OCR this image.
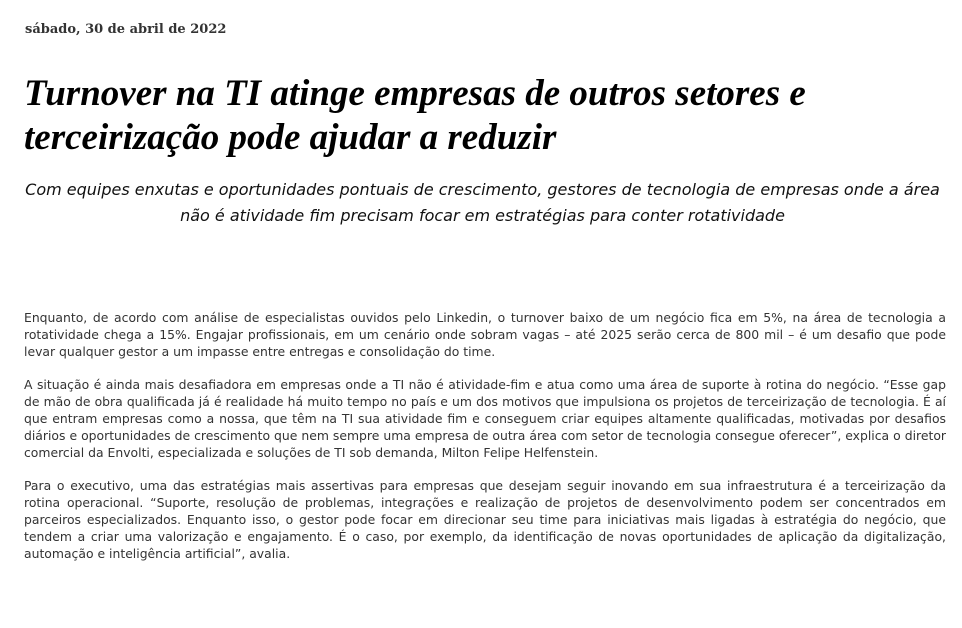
sábado, 30 de abril de 2022
Turnover na TI atinge empresas de outros setores e terceirização pode ajudar a reduzir

Com equipes enxutas e oportunidades pontuais de crescimento, gestores de tecnologia de empresas onde a área não é atividade fim precisam focar em estratégias para conter rotatividade

Enquanto, de acordo com análise de especialistas ouvidos pelo Linkedin, o turnover baixo de um negócio fica em 5%, na área de tecnologia a rotatividade chega a 15%. Engajar profissionais, em um cenário onde sobram vagas – até 2025 serão cerca de 800 mil – é um desafio que pode levar qualquer gestor a um impasse entre entregas e consolidação do time.

A situação é ainda mais desafiadora em empresas onde a TI não é atividade-fim e atua como uma área de suporte à rotina do negócio. “Esse gap de mão de obra qualificada já é realidade há muito tempo no país e um dos motivos que impulsiona os projetos de terceirização de tecnologia. É aí que entram empresas como a nossa, que têm na TI sua atividade fim e conseguem criar equipes altamente qualificadas, motivadas por desafios diários e oportunidades de crescimento que nem sempre uma empresa de outra área com setor de tecnologia consegue oferecer”, explica o diretor comercial da Envolti, especializada e soluções de TI sob demanda, Milton Felipe Helfenstein.

Para o executivo, uma das estratégias mais assertivas para empresas que desejam seguir inovando em sua infraestrutura é a terceirização da rotina operacional. “Suporte, resolução de problemas, integrações e realização de projetos de desenvolvimento podem ser concentrados em parceiros especializados. Enquanto isso, o gestor pode focar em direcionar seu time para iniciativas mais ligadas à estratégia do negócio, que tendem a criar uma valorização e engajamento. É o caso, por exemplo, da identificação de novas oportunidades de aplicação da digitalização, automação e inteligência artificial”, avalia.
